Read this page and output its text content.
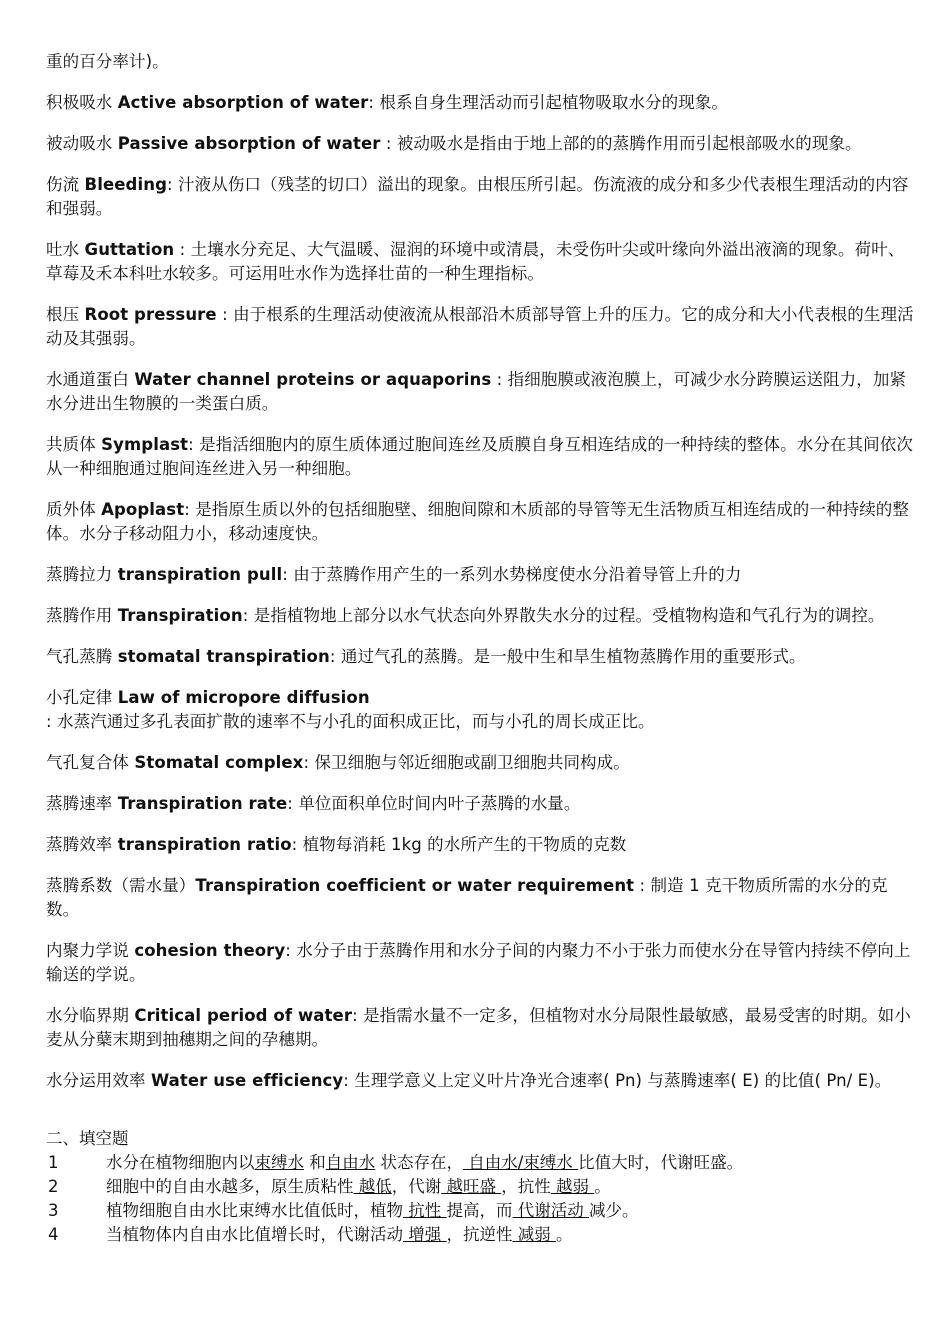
重的百分率计)。

积极吸水 Active absorption of water: 根系自身生理活动而引起植物吸取水分的现象。

被动吸水 Passive absorption of water : 被动吸水是指由于地上部的的蒸腾作用而引起根部吸水的现象。

伤流 Bleeding: 汁液从伤口（残茎的切口）溢出的现象。由根压所引起。伤流液的成分和多少代表根生理活动的内容和强弱。

吐水 Guttation : 土壤水分充足、大气温暖、湿润的环境中或清晨，未受伤叶尖或叶缘向外溢出液滴的现象。荷叶、草莓及禾本科吐水较多。可运用吐水作为选择壮苗的一种生理指标。

根压 Root pressure : 由于根系的生理活动使液流从根部沿木质部导管上升的压力。它的成分和大小代表根的生理活动及其强弱。

水通道蛋白 Water channel proteins or aquaporins : 指细胞膜或液泡膜上，可减少水分跨膜运送阻力，加紧水分进出生物膜的一类蛋白质。

共质体 Symplast: 是指活细胞内的原生质体通过胞间连丝及质膜自身互相连结成的一种持续的整体。水分在其间依次从一种细胞通过胞间连丝进入另一种细胞。

质外体 Apoplast: 是指原生质以外的包括细胞壁、细胞间隙和木质部的导管等无生活物质互相连结成的一种持续的整体。水分子移动阻力小，移动速度快。

蒸腾拉力 transpiration pull: 由于蒸腾作用产生的一系列水势梯度使水分沿着导管上升的力

蒸腾作用 Transpiration: 是指植物地上部分以水气状态向外界散失水分的过程。受植物构造和气孔行为的调控。

气孔蒸腾 stomatal transpiration: 通过气孔的蒸腾。是一般中生和旱生植物蒸腾作用的重要形式。

小孔定律 Law of micropore diffusion
: 水蒸汽通过多孔表面扩散的速率不与小孔的面积成正比，而与小孔的周长成正比。

气孔复合体 Stomatal complex: 保卫细胞与邻近细胞或副卫细胞共同构成。

蒸腾速率 Transpiration rate: 单位面积单位时间内叶子蒸腾的水量。

蒸腾效率 transpiration ratio: 植物每消耗 1kg 的水所产生的干物质的克数

蒸腾系数（需水量）Transpiration coefficient or water requirement : 制造 1 克干物质所需的水分的克数。

内聚力学说 cohesion theory: 水分子由于蒸腾作用和水分子间的内聚力不小于张力而使水分在导管内持续不停向上输送的学说。

水分临界期 Critical period of water: 是指需水量不一定多，但植物对水分局限性最敏感，最易受害的时期。如小麦从分蘖末期到抽穗期之间的孕穗期。

水分运用效率 Water use efficiency: 生理学意义上定义叶片净光合速率( Pn) 与蒸腾速率( E) 的比值( Pn/ E)。

二、填空题

1	水分在植物细胞内以束缚水 和自由水 状态存在， 自由水/束缚水 比值大时，代谢旺盛。
2	细胞中的自由水越多，原生质粘性 越低，代谢 越旺盛 ，抗性 越弱 。
3	植物细胞自由水比束缚水比值低时，植物 抗性 提高，而 代谢活动 减少。
4	当植物体内自由水比值增长时，代谢活动 增强 ，抗逆性 减弱 。
